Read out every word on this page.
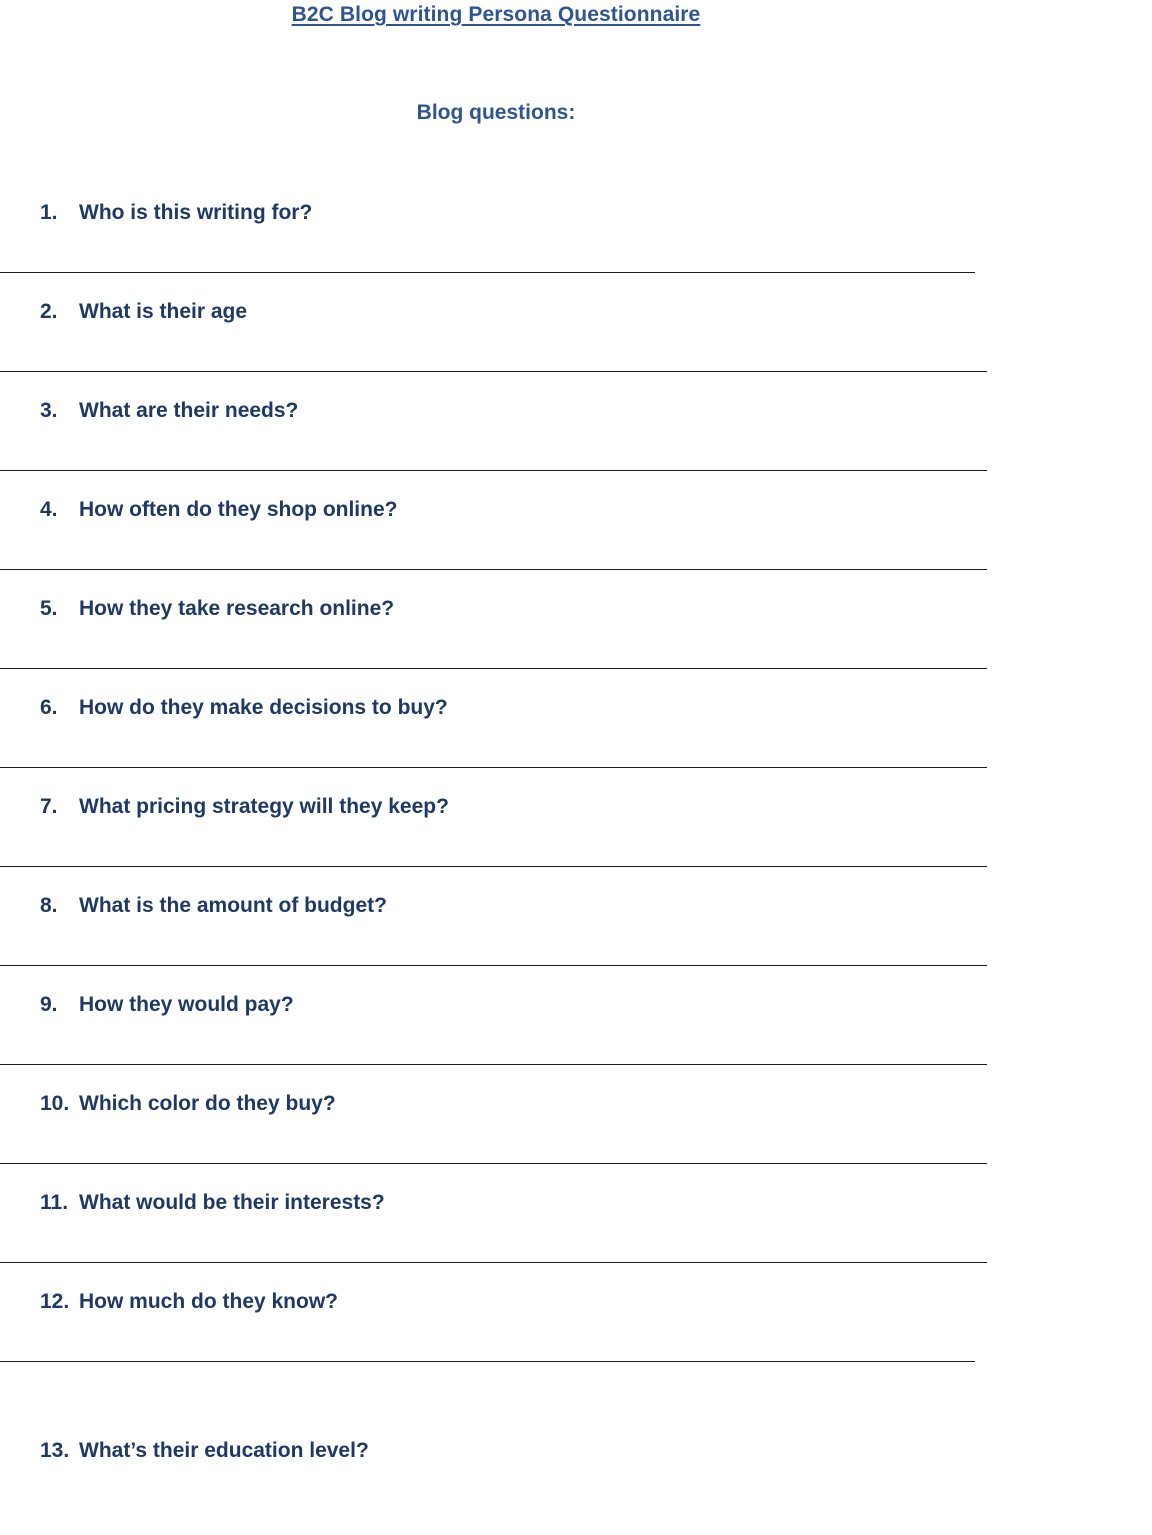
B2C Blog writing Persona Questionnaire
Blog questions:
1. Who is this writing for?
2. What is their age
3. What are their needs?
4. How often do they shop online?
5. How they take research online?
6. How do they make decisions to buy?
7. What pricing strategy will they keep?
8. What is the amount of budget?
9. How they would pay?
10. Which color do they buy?
11. What would be their interests?
12. How much do they know?
13. What’s their education level?
